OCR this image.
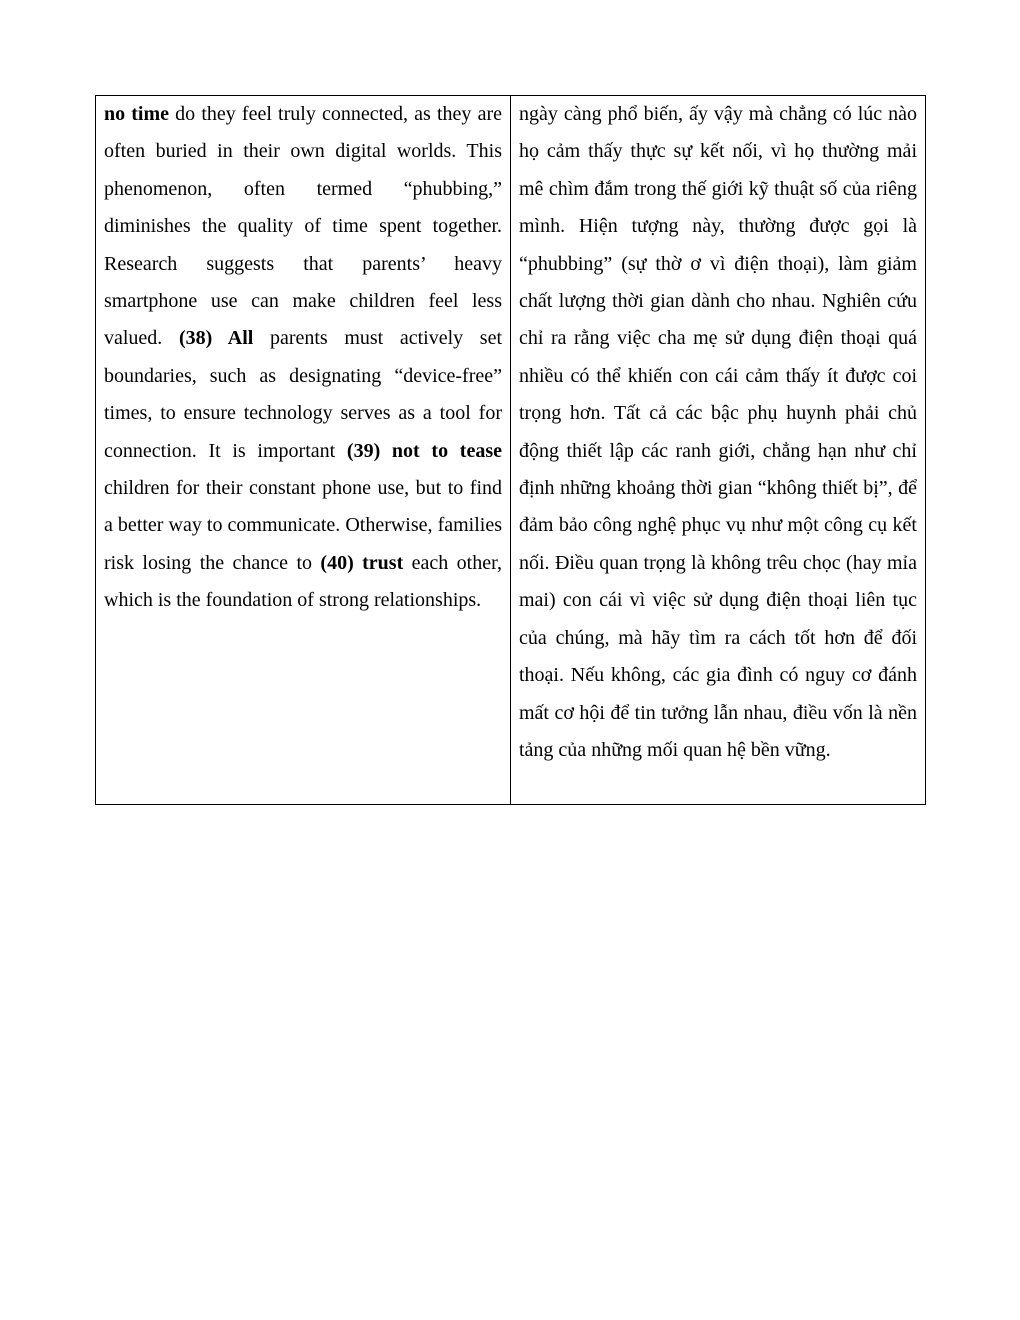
no time do they feel truly connected, as they are often buried in their own digital worlds. This phenomenon, often termed “phubbing,” diminishes the quality of time spent together. Research suggests that parents’ heavy smartphone use can make children feel less valued. (38) All parents must actively set boundaries, such as designating “device-free” times, to ensure technology serves as a tool for connection. It is important (39) not to tease children for their constant phone use, but to find a better way to communicate. Otherwise, families risk losing the chance to (40) trust each other, which is the foundation of strong relationships.

ngày càng phổ biến, ấy vậy mà chẳng có lúc nào họ cảm thấy thực sự kết nối, vì họ thường mải mê chìm đắm trong thế giới kỹ thuật số của riêng mình. Hiện tượng này, thường được gọi là “phubbing” (sự thờ ơ vì điện thoại), làm giảm chất lượng thời gian dành cho nhau. Nghiên cứu chỉ ra rằng việc cha mẹ sử dụng điện thoại quá nhiều có thể khiến con cái cảm thấy ít được coi trọng hơn. Tất cả các bậc phụ huynh phải chủ động thiết lập các ranh giới, chẳng hạn như chỉ định những khoảng thời gian “không thiết bị”, để đảm bảo công nghệ phục vụ như một công cụ kết nối. Điều quan trọng là không trêu chọc (hay mỉa mai) con cái vì việc sử dụng điện thoại liên tục của chúng, mà hãy tìm ra cách tốt hơn để đối thoại. Nếu không, các gia đình có nguy cơ đánh mất cơ hội để tin tưởng lẫn nhau, điều vốn là nền tảng của những mối quan hệ bền vững.
